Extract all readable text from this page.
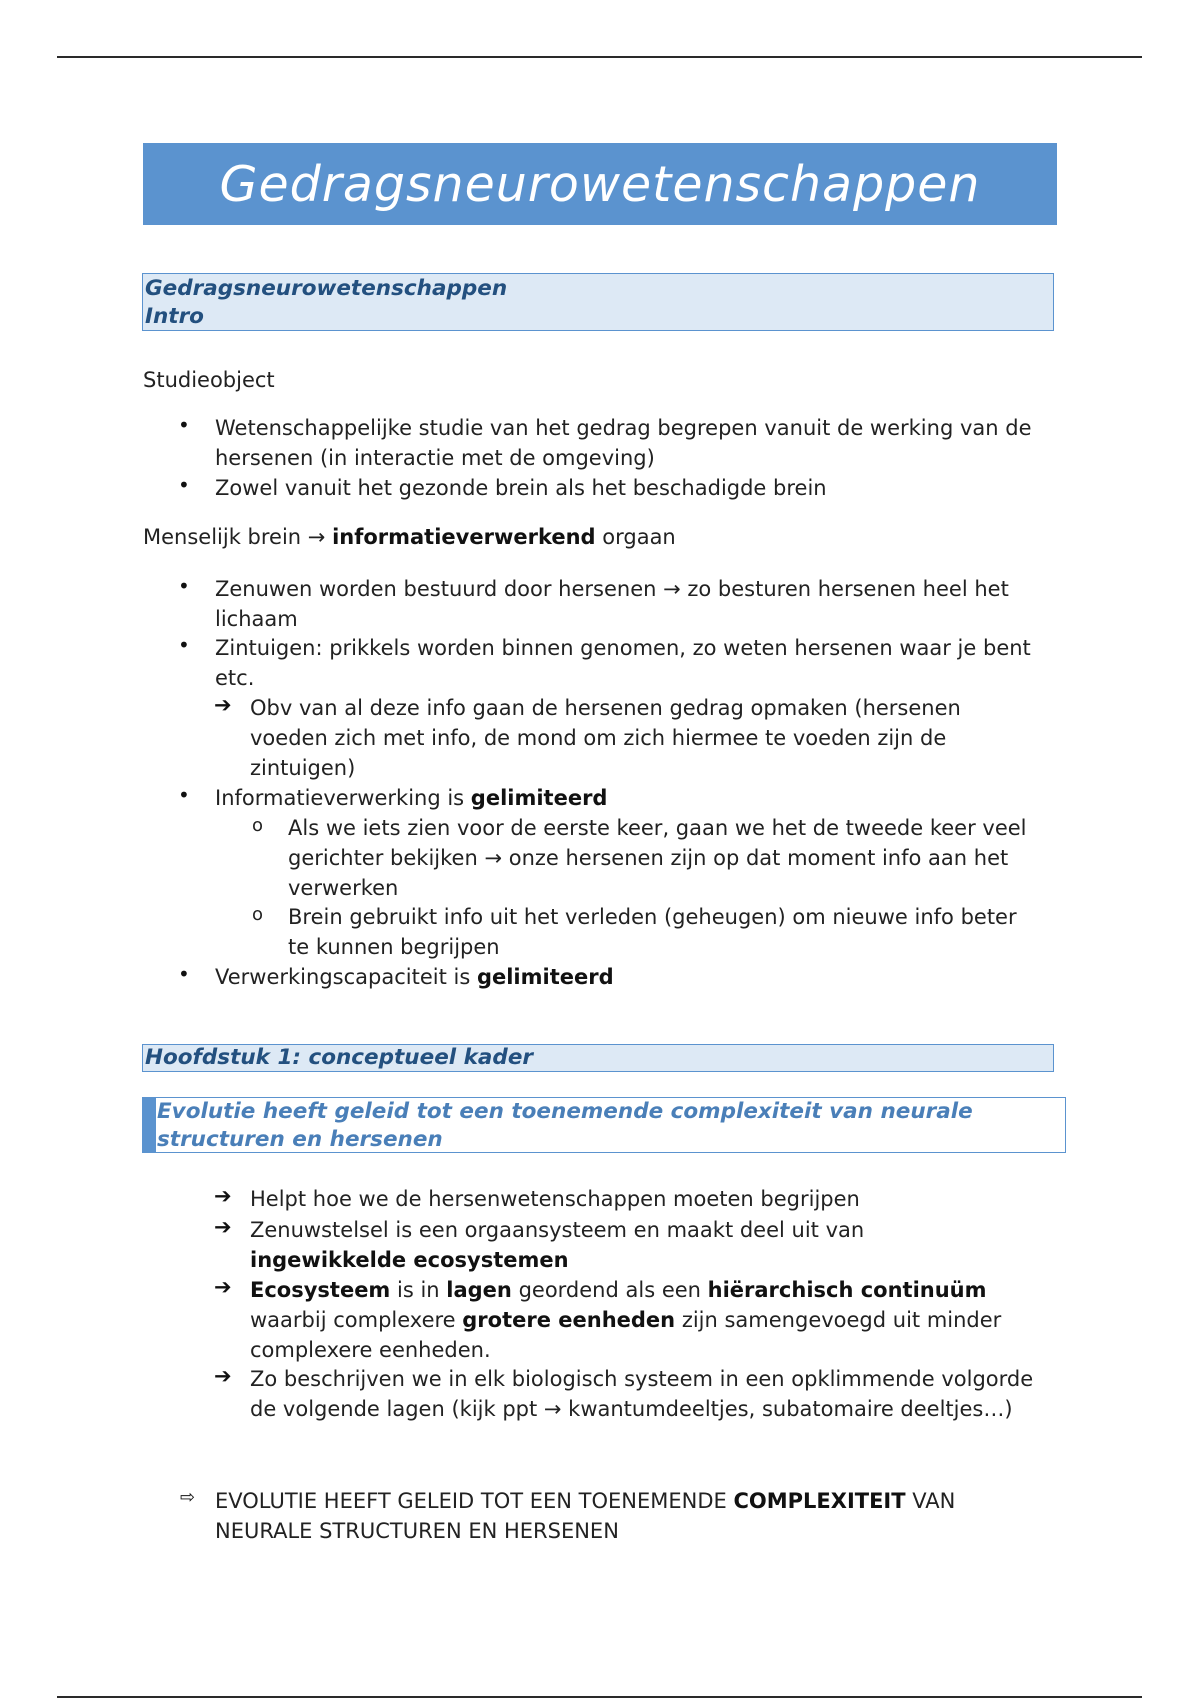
Gedragsneurowetenschappen
Gedragsneurowetenschappen
Intro
Studieobject
• Wetenschappelijke studie van het gedrag begrepen vanuit de werking van de hersenen (in interactie met de omgeving)
• Zowel vanuit het gezonde brein als het beschadigde brein
Menselijk brein → informatieverwerkend orgaan
• Zenuwen worden bestuurd door hersenen → zo besturen hersenen heel het lichaam
• Zintuigen: prikkels worden binnen genomen, zo weten hersenen waar je bent etc.
➔ Obv van al deze info gaan de hersenen gedrag opmaken (hersenen voeden zich met info, de mond om zich hiermee te voeden zijn de zintuigen)
• Informatieverwerking is gelimiteerd
o Als we iets zien voor de eerste keer, gaan we het de tweede keer veel gerichter bekijken → onze hersenen zijn op dat moment info aan het verwerken
o Brein gebruikt info uit het verleden (geheugen) om nieuwe info beter te kunnen begrijpen
• Verwerkingscapaciteit is gelimiteerd
Hoofdstuk 1: conceptueel kader
Evolutie heeft geleid tot een toenemende complexiteit van neurale structuren en hersenen
➔ Helpt hoe we de hersenwetenschappen moeten begrijpen
➔ Zenuwstelsel is een orgaansysteem en maakt deel uit van
ingewikkelde ecosystemen
➔ Ecosysteem is in lagen geordend als een hiërarchisch continuüm
waarbij complexere grotere eenheden zijn samengevoegd uit minder complexere eenheden.
➔ Zo beschrijven we in elk biologisch systeem in een opklimmende volgorde de volgende lagen (kijk ppt → kwantumdeeltjes, subatomaire deeltjes…)
⇨ EVOLUTIE HEEFT GELEID TOT EEN TOENEMENDE COMPLEXITEIT VAN
NEURALE STRUCTUREN EN HERSENEN
